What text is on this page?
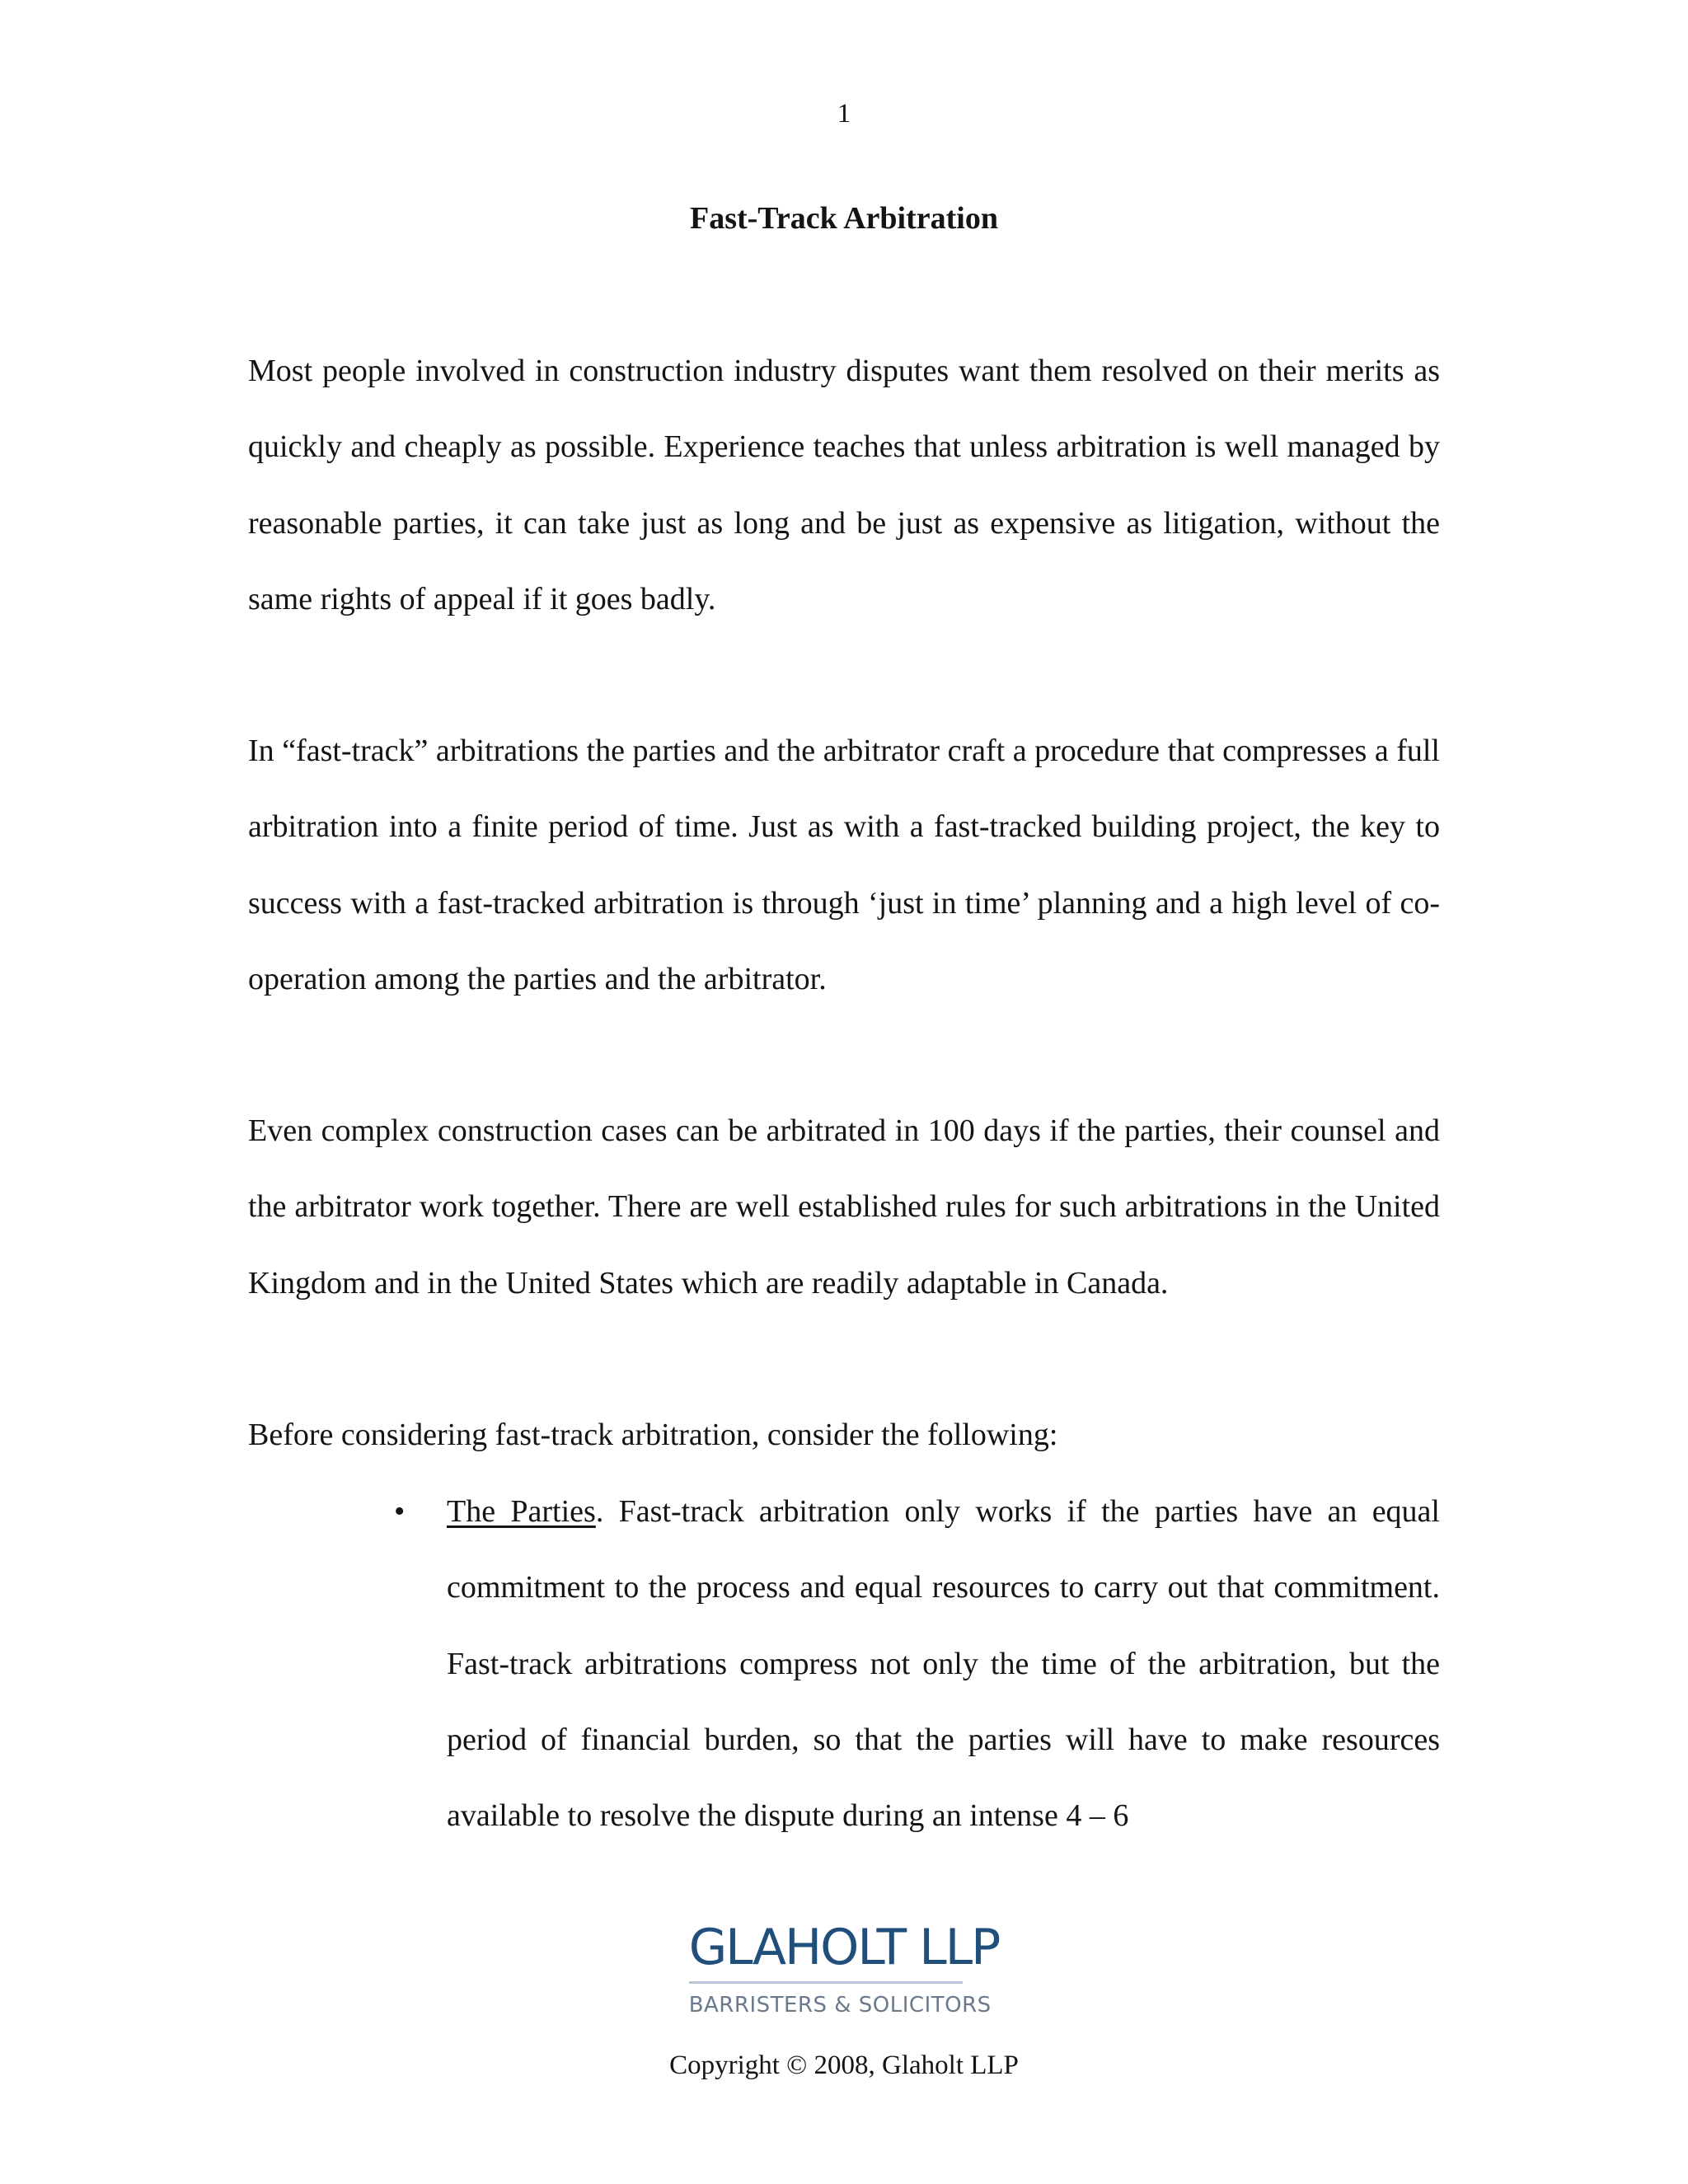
1
Fast-Track Arbitration

Most people involved in construction industry disputes want them resolved on their merits as quickly and cheaply as possible. Experience teaches that unless arbitration is well managed by reasonable parties, it can take just as long and be just as expensive as litigation, without the same rights of appeal if it goes badly.

In “fast-track” arbitrations the parties and the arbitrator craft a procedure that compresses a full arbitration into a finite period of time. Just as with a fast-tracked building project, the key to success with a fast-tracked arbitration is through ‘just in time’ planning and a high level of co-operation among the parties and the arbitrator.

Even complex construction cases can be arbitrated in 100 days if the parties, their counsel and the arbitrator work together. There are well established rules for such arbitrations in the United Kingdom and in the United States which are readily adaptable in Canada.

Before considering fast-track arbitration, consider the following:

• The Parties. Fast-track arbitration only works if the parties have an equal commitment to the process and equal resources to carry out that commitment. Fast-track arbitrations compress not only the time of the arbitration, but the period of financial burden, so that the parties will have to make resources available to resolve the dispute during an intense 4 – 6
GLAHOLT LLP
BARRISTERS & SOLICITORS
Copyright © 2008, Glaholt LLP
